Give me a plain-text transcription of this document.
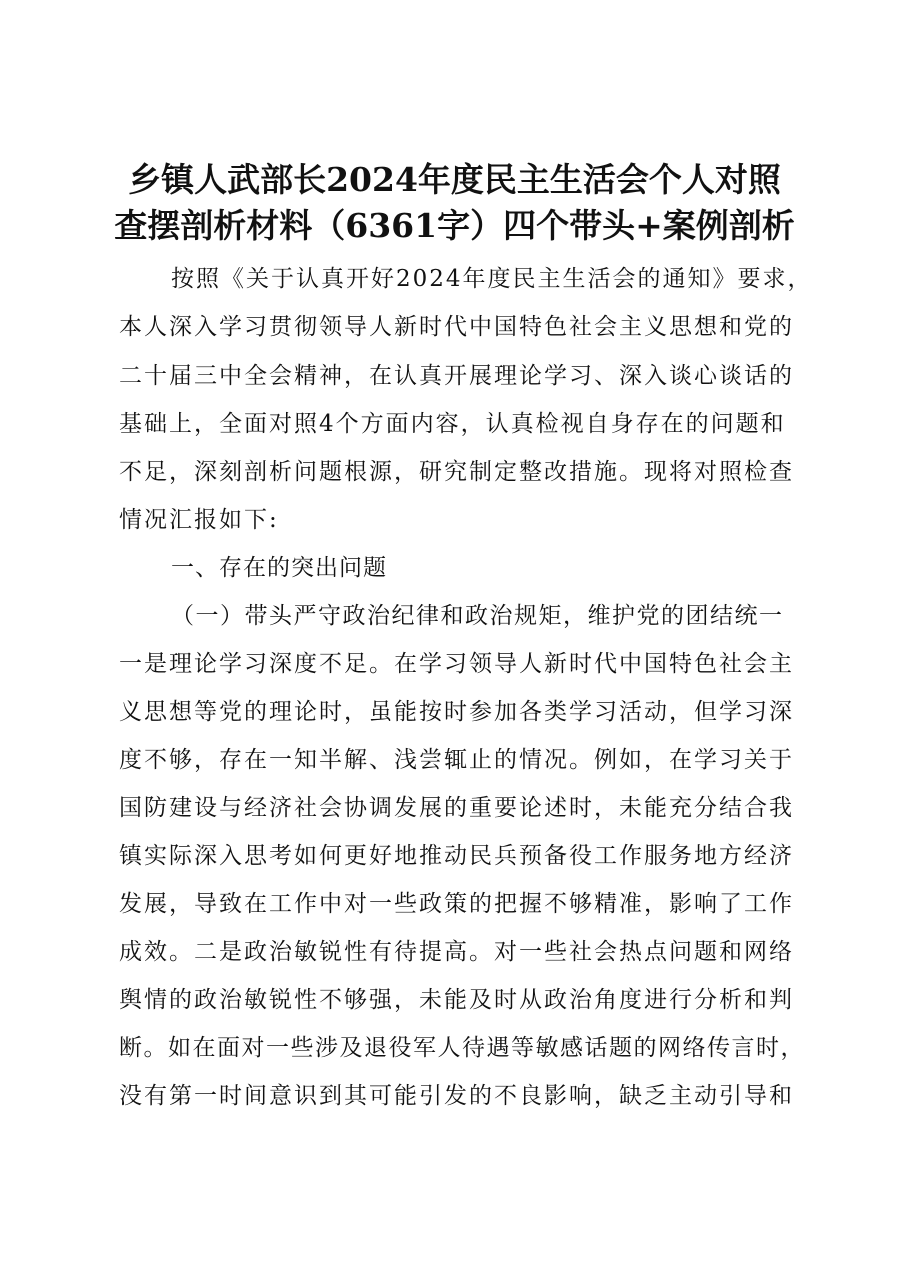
乡镇人武部长2024年度民主生活会个人对照
查摆剖析材料（6361字）四个带头+案例剖析
按照《关于认真开好2024年度民主生活会的通知》要求，
本人深入学习贯彻领导人新时代中国特色社会主义思想和党的
二十届三中全会精神，在认真开展理论学习、深入谈心谈话的
基础上，全面对照4个方面内容，认真检视自身存在的问题和
不足，深刻剖析问题根源，研究制定整改措施。现将对照检查
情况汇报如下:
一、存在的突出问题
（一）带头严守政治纪律和政治规矩，维护党的团结统一
一是理论学习深度不足。在学习领导人新时代中国特色社会主
义思想等党的理论时，虽能按时参加各类学习活动，但学习深
度不够，存在一知半解、浅尝辄止的情况。例如，在学习关于
国防建设与经济社会协调发展的重要论述时，未能充分结合我
镇实际深入思考如何更好地推动民兵预备役工作服务地方经济
发展，导致在工作中对一些政策的把握不够精准，影响了工作
成效。二是政治敏锐性有待提高。对一些社会热点问题和网络
舆情的政治敏锐性不够强，未能及时从政治角度进行分析和判
断。如在面对一些涉及退役军人待遇等敏感话题的网络传言时，
没有第一时间意识到其可能引发的不良影响，缺乏主动引导和
